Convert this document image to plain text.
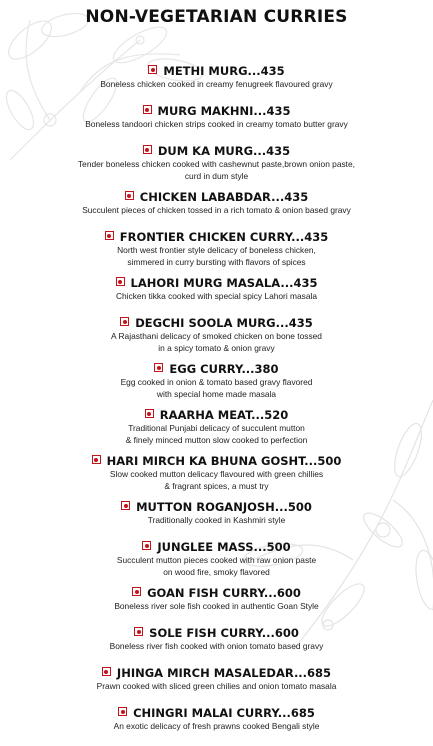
NON-VEGETARIAN CURRIES
METHI MURG...435
Boneless chicken cooked in creamy fenugreek flavoured gravy
MURG MAKHNI...435
Boneless tandoori chicken strips cooked in creamy tomato butter gravy
DUM KA MURG...435
Tender boneless chicken cooked with cashewnut paste,brown onion paste,
curd in dum style
CHICKEN LABABDAR...435
Succulent pieces of chicken tossed in a rich tomato & onion based gravy
FRONTIER CHICKEN CURRY...435
North west frontier style delicacy of boneless chicken,
simmered in curry bursting with flavors of spices
LAHORI MURG MASALA...435
Chicken tikka cooked with special spicy Lahori masala
DEGCHI SOOLA MURG...435
A Rajasthani delicacy of smoked chicken on bone tossed
in a spicy tomato & onion gravy
EGG CURRY...380
Egg cooked in onion & tomato based gravy flavored
with special home made masala
RAARHA MEAT...520
Traditional Punjabi delicacy of succulent mutton
& finely minced mutton slow cooked to perfection
HARI MIRCH KA BHUNA GOSHT...500
Slow cooked mutton delicacy flavoured with green chillies
& fragrant spices, a must try
MUTTON ROGANJOSH...500
Traditionally cooked in Kashmiri style
JUNGLEE MASS...500
Succulent mutton pieces cooked with raw onion paste
on wood fire, smoky flavored
GOAN FISH CURRY...600
Boneless river sole fish cooked in authentic Goan Style
SOLE FISH CURRY...600
Boneless river fish cooked with onion tomato based gravy
JHINGA MIRCH MASALEDAR...685
Prawn cooked with sliced green chilies and onion tomato masala
CHINGRI MALAI CURRY...685
An exotic delicacy of fresh prawns cooked Bengali style
